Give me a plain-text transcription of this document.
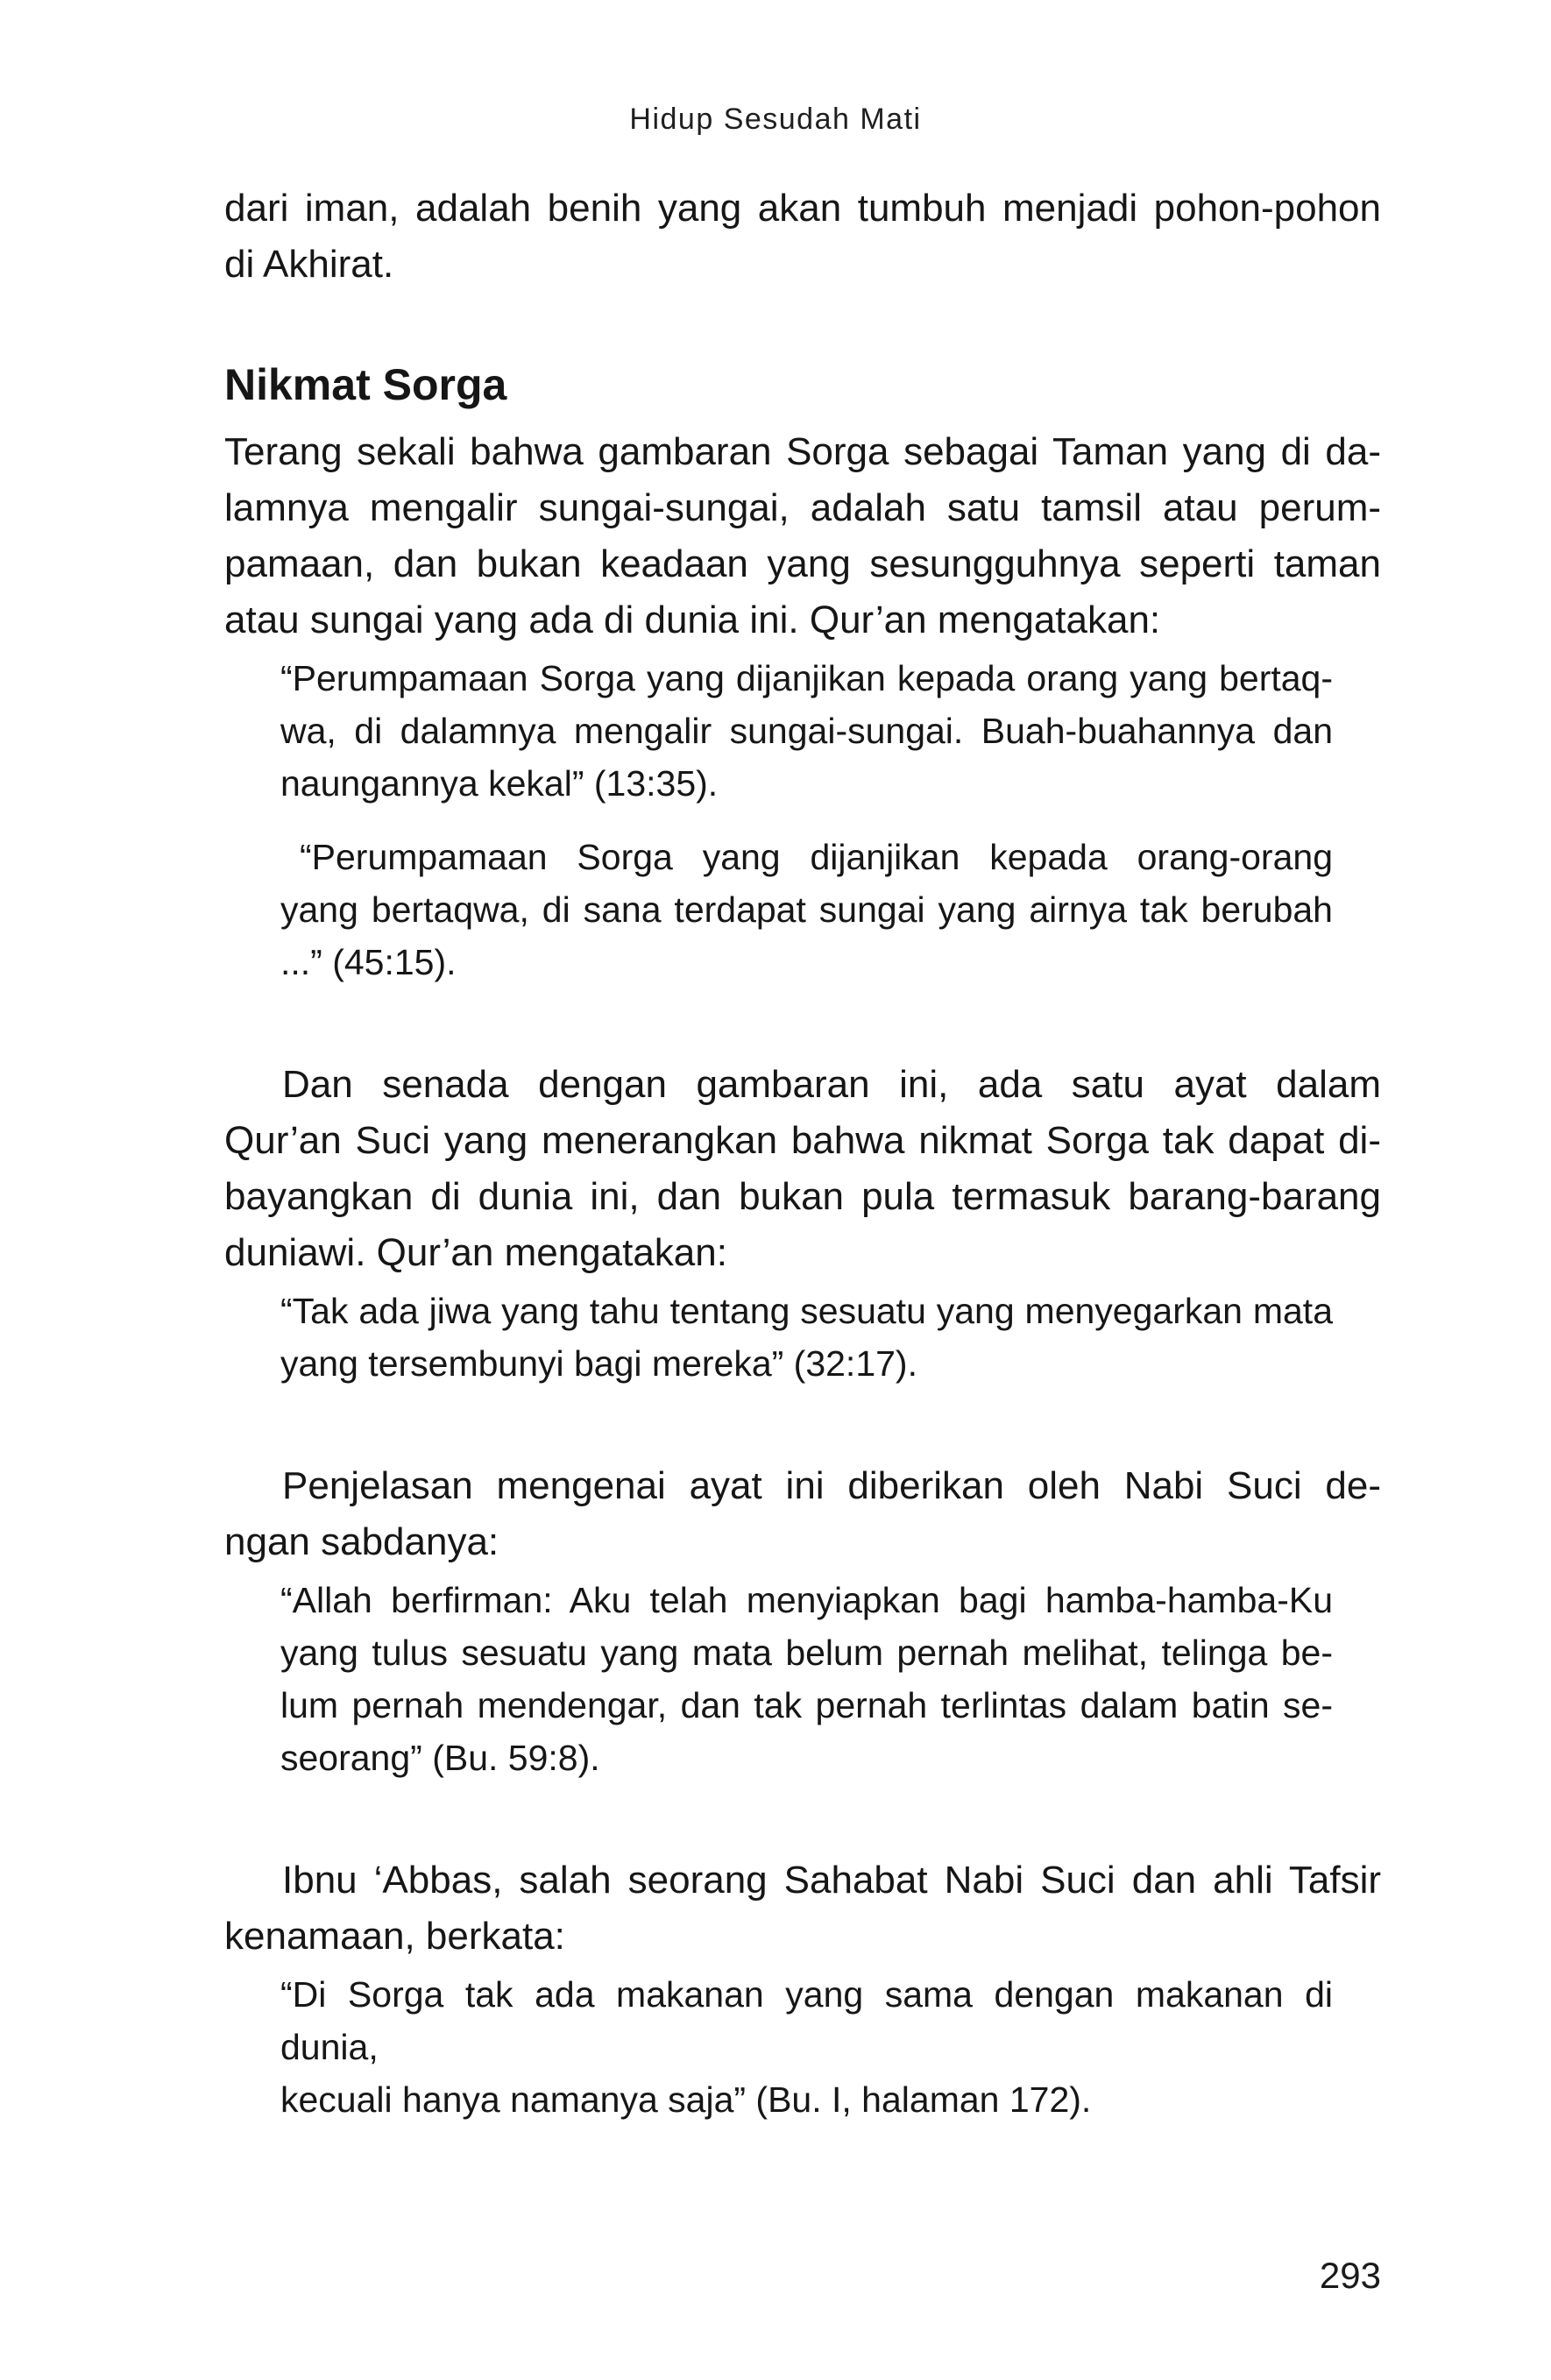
Hidup Sesudah Mati
dari iman, adalah benih yang akan tumbuh menjadi pohon-pohon
di Akhirat.
Nikmat Sorga
Terang sekali bahwa gambaran Sorga sebagai Taman yang di da-
lamnya mengalir sungai-sungai, adalah satu tamsil atau perum-
pamaan, dan bukan keadaan yang sesungguhnya seperti taman
atau sungai yang ada di dunia ini. Qur’an mengatakan:
“Perumpamaan Sorga yang dijanjikan kepada orang yang bertaq-
wa, di dalamnya mengalir sungai-sungai. Buah-buahannya dan
naungannya kekal” (13:35).
“Perumpamaan Sorga yang dijanjikan kepada orang-orang
yang bertaqwa, di sana terdapat sungai yang airnya tak berubah
...” (45:15).
Dan senada dengan gambaran ini, ada satu ayat dalam
Qur’an Suci yang menerangkan bahwa nikmat Sorga tak dapat di-
bayangkan di dunia ini, dan bukan pula termasuk barang-barang
duniawi. Qur’an mengatakan:
“Tak ada jiwa yang tahu tentang sesuatu yang menyegarkan mata
yang tersembunyi bagi mereka” (32:17).
Penjelasan mengenai ayat ini diberikan oleh Nabi Suci de-
ngan sabdanya:
“Allah berfirman: Aku telah menyiapkan bagi hamba-hamba-Ku
yang tulus sesuatu yang mata belum pernah melihat, telinga be-
lum pernah mendengar, dan tak pernah terlintas dalam batin se-
seorang” (Bu. 59:8).
Ibnu ‘Abbas, salah seorang Sahabat Nabi Suci dan ahli Tafsir
kenamaan, berkata:
“Di Sorga tak ada makanan yang sama dengan makanan di dunia,
kecuali hanya namanya saja” (Bu. I, halaman 172).
293
